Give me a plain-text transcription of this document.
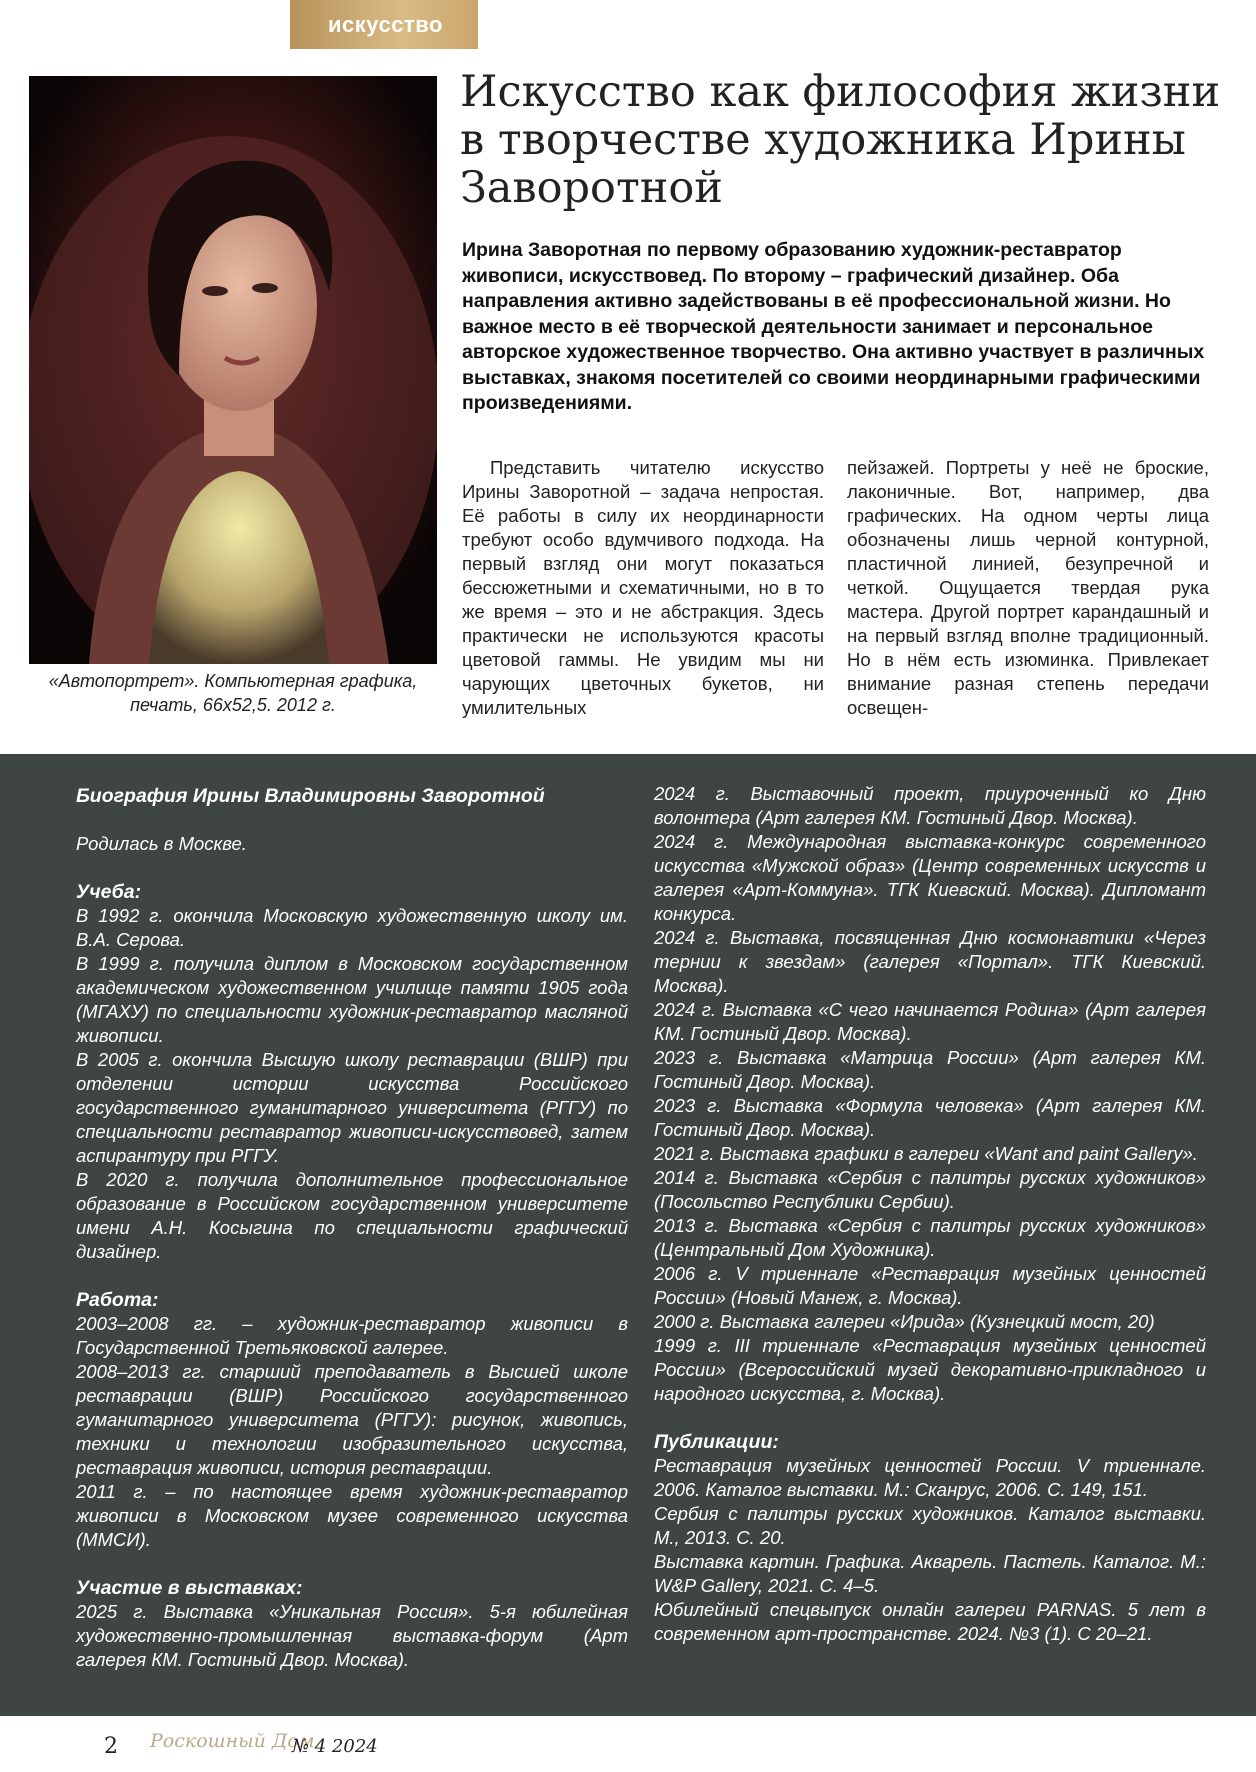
искусство
«Автопортрет». Компьютерная графика, печать, 66х52,5. 2012 г.
Искусство как философия жизни в творчестве художника Ирины Заворотной
Ирина Заворотная по первому образованию художник-реставратор живописи, искусствовед. По второму – графический дизайнер. Оба направления активно задействованы в её профессиональной жизни. Но важное место в её творческой деятельности занимает и персональное авторское художественное творчество. Она активно участвует в различных выставках, знакомя посетителей со своими неординарными графическими произведениями.
Представить читателю искусство Ирины Заворотной – задача непростая. Её работы в силу их неординарности требуют особо вдумчивого подхода. На первый взгляд они могут показаться бессюжетными и схематичными, но в то же время – это и не абстракция. Здесь практически не используются красоты цветовой гаммы. Не увидим мы ни чарующих цветочных букетов, ни умилительных
пейзажей. Портреты у неё не броские, лаконичные. Вот, например, два графических. На одном черты лица обозначены лишь черной контурной, пластичной линией, безупречной и четкой. Ощущается твердая рука мастера. Другой портрет карандашный и на первый взгляд вполне традиционный. Но в нём есть изюминка. Привлекает внимание разная степень передачи освещен-

Биография Ирины Владимировны Заворотной

Родилась в Москве.

Учеба:

В 1992 г. окончила Московскую художественную школу им. В.А. Серова.

В 1999 г. получила диплом в Московском государственном академическом художественном училище памяти 1905 года (МГАХУ) по специальности художник-реставратор масляной живописи.

В 2005 г. окончила Высшую школу реставрации (ВШР) при отделении истории искусства Российского государственного гуманитарного университета (РГГУ) по специальности реставратор живописи-искусствовед, затем аспирантуру при РГГУ.

В 2020 г. получила дополнительное профессиональное образование в Российском государственном университете имени А.Н. Косыгина по специальности графический дизайнер.

Работа:

2003–2008 гг. – художник-реставратор живописи в Государственной Третьяковской галерее.

2008–2013 гг. старший преподаватель в Высшей школе реставрации (ВШР) Российского государственного гуманитарного университета (РГГУ): рисунок, живопись, техники и технологии изобразительного искусства, реставрация живописи, история реставрации.

2011 г. – по настоящее время художник-реставратор живописи в Московском музее современного искусства (ММСИ).

Участие в выставках:

2025 г. Выставка «Уникальная Россия». 5-я юбилейная художественно-промышленная выставка-форум (Арт галерея КМ. Гостиный Двор. Москва).

2024 г. Выставочный проект, приуроченный ко Дню волонтера (Арт галерея КМ. Гостиный Двор. Москва).

2024 г. Международная выставка-конкурс современного искусства «Мужской образ» (Центр современных искусств и галерея «Арт-Коммуна». ТГК Киевский. Москва). Дипломант конкурса.

2024 г. Выставка, посвященная Дню космонавтики «Через тернии к звездам» (галерея «Портал». ТГК Киевский. Москва).

2024 г. Выставка «С чего начинается Родина» (Арт галерея КМ. Гостиный Двор. Москва).

2023 г. Выставка «Матрица России» (Арт галерея КМ. Гостиный Двор. Москва).

2023 г. Выставка «Формула человека» (Арт галерея КМ. Гостиный Двор. Москва).

2021 г. Выставка графики в галереи «Want and paint Gallery».

2014 г. Выставка «Сербия с палитры русских художников» (Посольство Республики Сербии).

2013 г. Выставка «Сербия с палитры русских художников» (Центральный Дом Художника).

2006 г. V триеннале «Реставрация музейных ценностей России» (Новый Манеж, г. Москва).

2000 г. Выставка галереи «Ирида» (Кузнецкий мост, 20)

1999 г. III триеннале «Реставрация музейных ценностей России» (Всероссийский музей декоративно-прикладного и народного искусства, г. Москва).

Публикации:

Реставрация музейных ценностей России. V триеннале. 2006. Каталог выставки. М.: Сканрус, 2006. С. 149, 151.

Сербия с палитры русских художников. Каталог выставки. М., 2013. С. 20.

Выставка картин. Графика. Акварель. Пастель. Каталог. М.: W&P Gallery, 2021. С. 4–5.

Юбилейный спецвыпуск онлайн галереи PARNAS. 5 лет в современном арт-пространстве. 2024. №3 (1). С 20–21.

2 Роскошный Дом
№ 4 2024
